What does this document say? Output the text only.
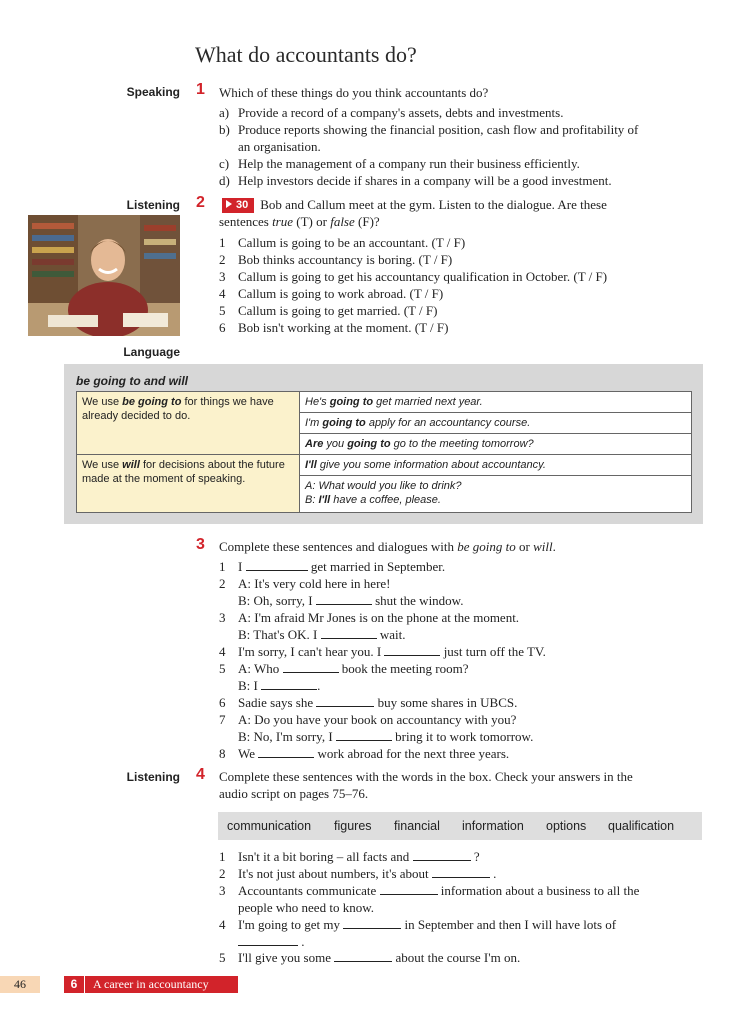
What do accountants do?
Speaking 1 Which of these things do you think accountants do?
a) Provide a record of a company's assets, debts and investments.
b) Produce reports showing the financial position, cash flow and profitability of
an organisation.
c) Help the management of a company run their business efficiently.
d) Help investors decide if shares in a company will be a good investment.
Listening 2	30 Bob and Callum meet at the gym. Listen to the dialogue. Are these
sentences true (T) or false (F)?
1 Callum is going to be an accountant. (T / F)
2 Bob thinks accountancy is boring. (T / F)
3 Callum is going to get his accountancy qualification in October. (T / F)
4 Callum is going to work abroad. (T / F)
5 Callum is going to get married. (T / F)
6 Bob isn't working at the moment. (T / F)
Language
be going to and will
We use be going to for things we have already decided to do.	He's going to get married next year.
	I'm going to apply for an accountancy course.
	Are you going to go to the meeting tomorrow?
We use will for decisions about the future made at the moment of speaking.	I'll give you some information about accountancy.
	A: What would you like to drink?
B: I'll have a coffee, please.
3 Complete these sentences and dialogues with be going to or will.
1 I	get married in September.
2 A: It's very cold here in here!
B: Oh, sorry, I	shut the window.
3 A: I'm afraid Mr Jones is on the phone at the moment.
B: That's OK. I	wait.
4 I'm sorry, I can't hear you. I	just turn off the TV.
5 A: Who	book the meeting room?
B: I	.
6 Sadie says she	buy some shares in UBCS.
7 A: Do you have your book on accountancy with you?
B: No, I'm sorry, I	bring it to work tomorrow.
8 We	work abroad for the next three years.
Listening 4 Complete these sentences with the words in the box. Check your answers in the
audio script on pages 75–76.
communication figures financial information options qualification
1 Isn't it a bit boring – all facts and	?
2 It's not just about numbers, it's about	.
3 Accountants communicate	information about a business to all the
people who need to know.
4 I'm going to get my	in September and then I will have lots of
.
5 I'll give you some	about the course I'm on.
46	6 A career in accountancy
